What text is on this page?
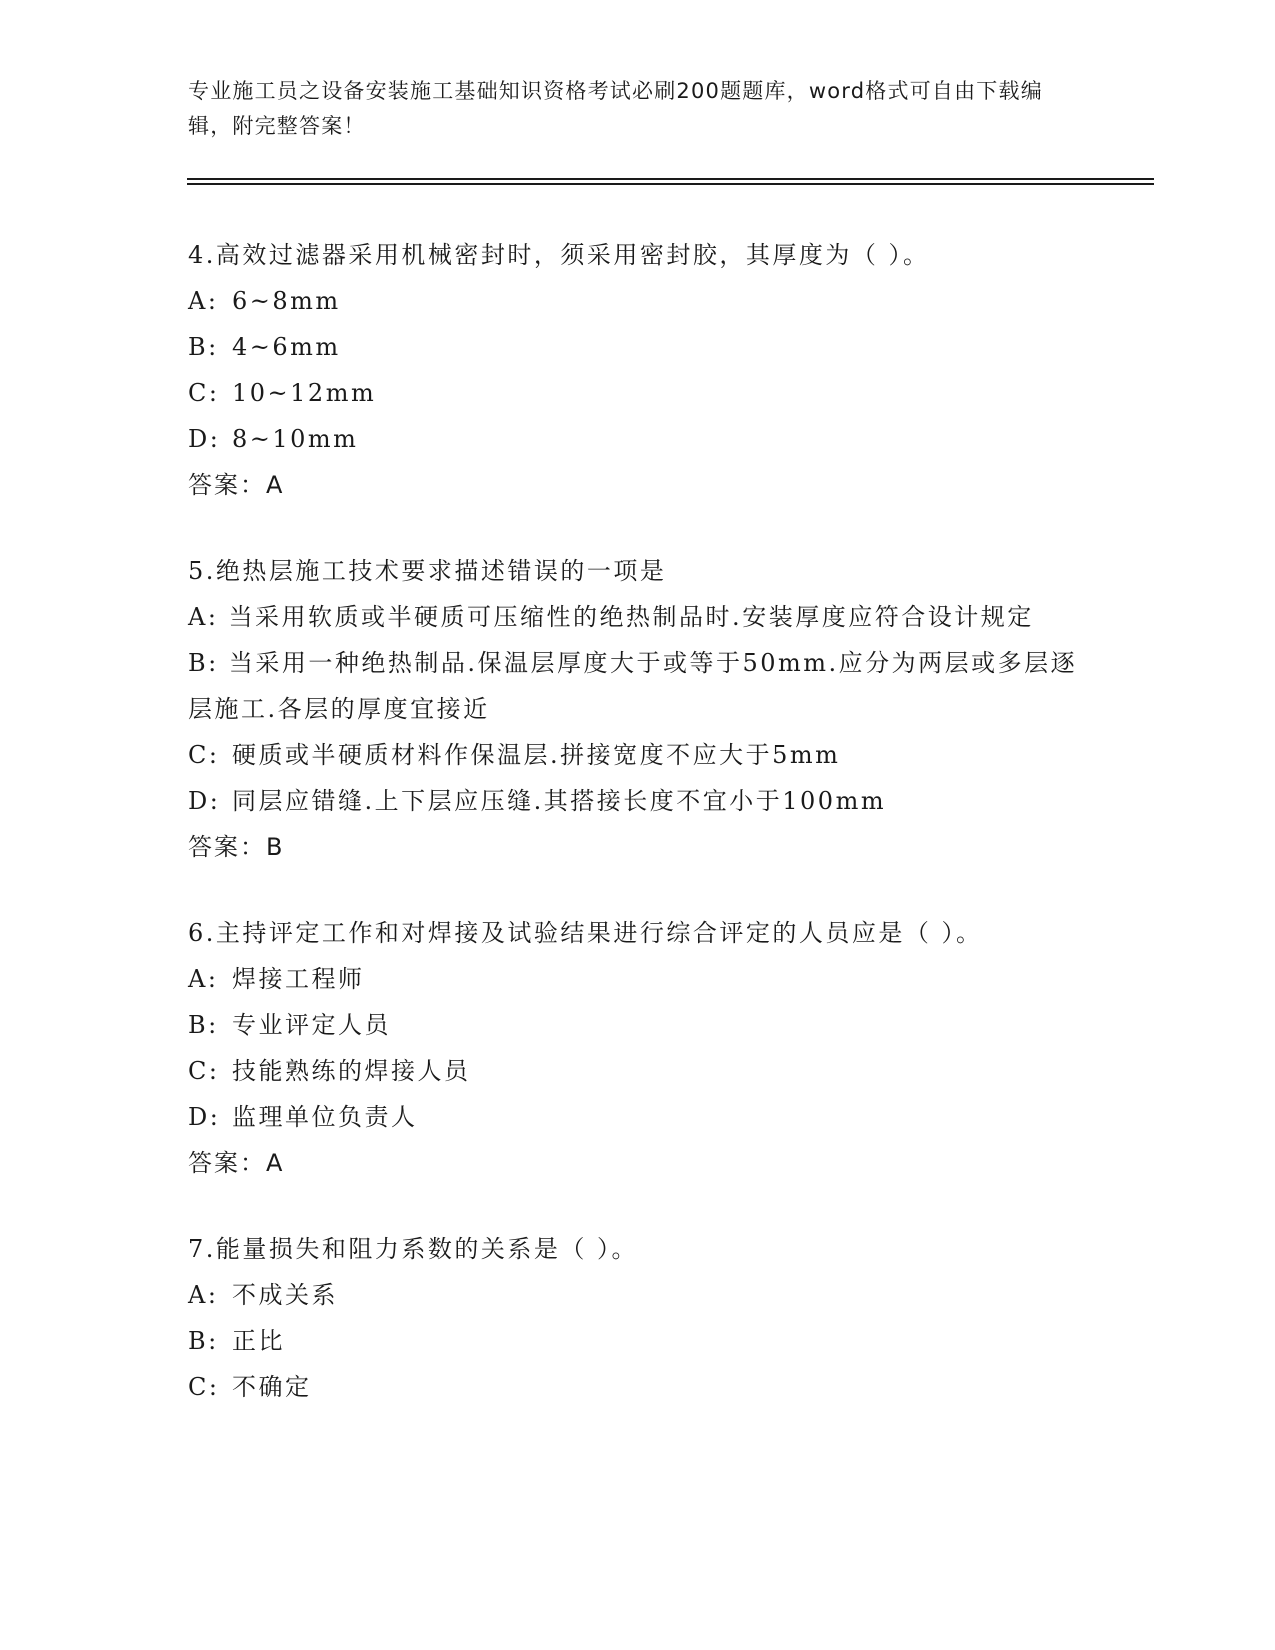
专业施工员之设备安装施工基础知识资格考试必刷200题题库，word格式可自由下载编辑，附完整答案！
4.高效过滤器采用机械密封时，须采用密封胶，其厚度为（ ）。
A: 6~8mm
B: 4~6mm
C: 10~12mm
D: 8~10mm
答案：A
5.绝热层施工技术要求描述错误的一项是
A: 当采用软质或半硬质可压缩性的绝热制品时.安装厚度应符合设计规定
B: 当采用一种绝热制品.保温层厚度大于或等于50mm.应分为两层或多层逐层施工.各层的厚度宜接近
C: 硬质或半硬质材料作保温层.拼接宽度不应大于5mm
D: 同层应错缝.上下层应压缝.其搭接长度不宜小于100mm
答案：B
6.主持评定工作和对焊接及试验结果进行综合评定的人员应是（ ）。
A: 焊接工程师
B: 专业评定人员
C: 技能熟练的焊接人员
D: 监理单位负责人
答案：A
7.能量损失和阻力系数的关系是（ ）。
A: 不成关系
B: 正比
C: 不确定
